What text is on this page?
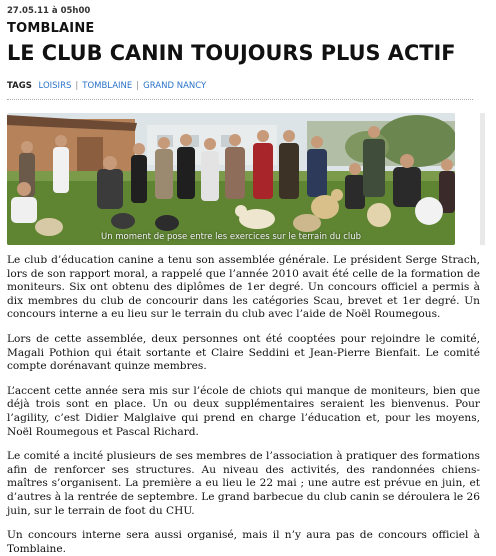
27.05.11 à 05h00
TOMBLAINE
LE CLUB CANIN TOUJOURS PLUS ACTIF
TAGS LOISIRS | TOMBLAINE | GRAND NANCY
Un moment de pose entre les exercices sur le terrain du club

Le club d’éducation canine a tenu son assemblée générale. Le président Serge Strach, lors de son rapport moral, a rappelé que l’année 2010 avait été celle de la formation de moniteurs. Six ont obtenu des diplômes de 1er degré. Un concours officiel a permis à dix membres du club de concourir dans les catégories Scau, brevet et 1er degré. Un concours interne a eu lieu sur le terrain du club avec l’aide de Noël Roumegous.

Lors de cette assemblée, deux personnes ont été cooptées pour rejoindre le comité, Magali Pothion qui était sortante et Claire Seddini et Jean-Pierre Bienfait. Le comité compte dorénavant quinze membres.

L’accent cette année sera mis sur l’école de chiots qui manque de moniteurs, bien que déjà trois sont en place. Un ou deux supplémentaires seraient les bienvenus. Pour l’agility, c’est Didier Malglaive qui prend en charge l’éducation et, pour les moyens, Noël Roumegous et Pascal Richard.

Le comité a incité plusieurs de ses membres de l’association à pratiquer des formations afin de renforcer ses structures. Au niveau des activités, des randonnées chiens-maîtres s’organisent. La première a eu lieu le 22 mai ; une autre est prévue en juin, et d’autres à la rentrée de septembre. Le grand barbecue du club canin se déroulera le 26 juin, sur le terrain de foot du CHU.

Un concours interne sera aussi organisé, mais il n’y aura pas de concours officiel à Tomblaine.
